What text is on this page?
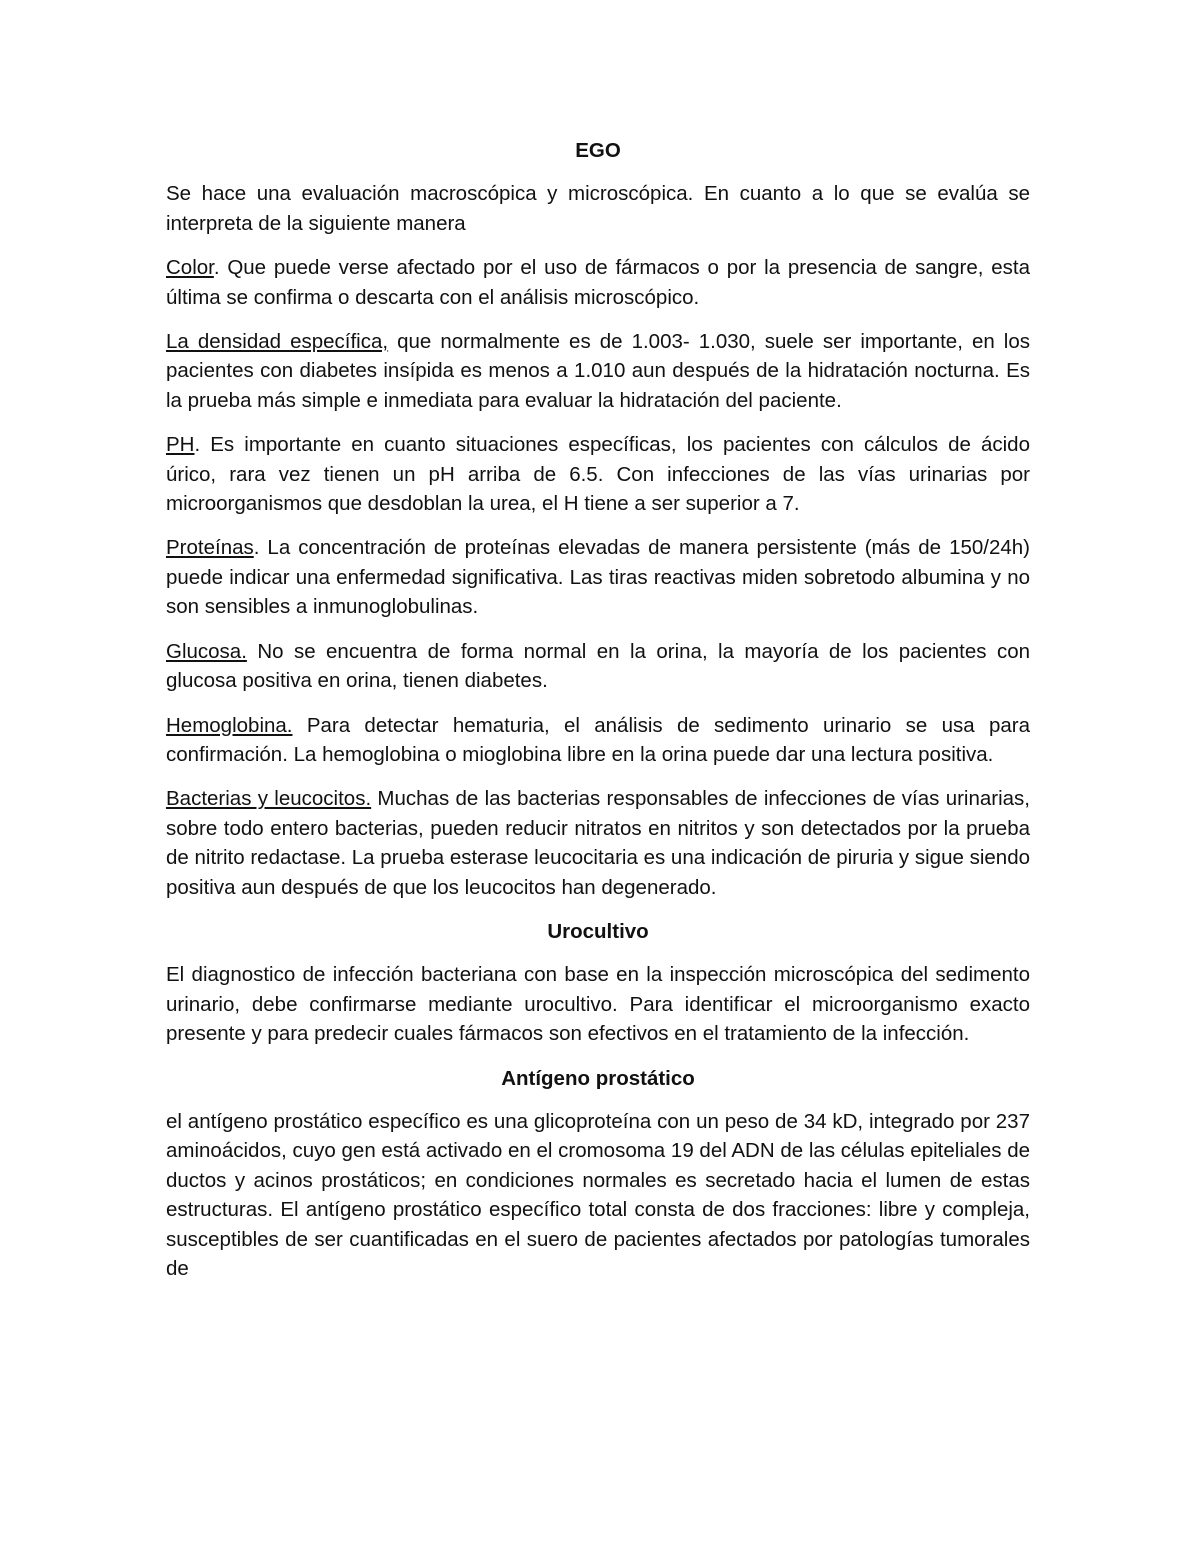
EGO

Se hace una evaluación macroscópica y microscópica. En cuanto a lo que se evalúa se interpreta de la siguiente manera

Color. Que puede verse afectado por el uso de fármacos o por la presencia de sangre, esta última se confirma o descarta con el análisis microscópico.

La densidad específica, que normalmente es de 1.003- 1.030, suele ser importante, en los pacientes con diabetes insípida es menos a 1.010 aun después de la hidratación nocturna. Es la prueba más simple e inmediata para evaluar la hidratación del paciente.

PH. Es importante en cuanto situaciones específicas, los pacientes con cálculos de ácido úrico, rara vez tienen un pH arriba de 6.5. Con infecciones de las vías urinarias por microorganismos que desdoblan la urea, el H tiene a ser superior a 7.

Proteínas. La concentración de proteínas elevadas de manera persistente (más de 150/24h) puede indicar una enfermedad significativa. Las tiras reactivas miden sobretodo albumina y no son sensibles a inmunoglobulinas.

Glucosa. No se encuentra de forma normal en la orina, la mayoría de los pacientes con glucosa positiva en orina, tienen diabetes.

Hemoglobina. Para detectar hematuria, el análisis de sedimento urinario se usa para confirmación. La hemoglobina o mioglobina libre en la orina puede dar una lectura positiva.

Bacterias y leucocitos. Muchas de las bacterias responsables de infecciones de vías urinarias, sobre todo entero bacterias, pueden reducir nitratos en nitritos y son detectados por la prueba de nitrito redactase. La prueba esterase leucocitaria es una indicación de piruria y sigue siendo positiva aun después de que los leucocitos han degenerado.

Urocultivo

El diagnostico de infección bacteriana con base en la inspección microscópica del sedimento urinario, debe confirmarse mediante urocultivo. Para identificar el microorganismo exacto presente y para predecir cuales fármacos son efectivos en el tratamiento de la infección.

Antígeno prostático

el antígeno prostático específico es una glicoproteína con un peso de 34 kD, integrado por 237 aminoácidos, cuyo gen está activado en el cromosoma 19 del ADN de las células epiteliales de ductos y acinos prostáticos; en condiciones normales es secretado hacia el lumen de estas estructuras. El antígeno prostático específico total consta de dos fracciones: libre y compleja, susceptibles de ser cuantificadas en el suero de pacientes afectados por patologías tumorales de
